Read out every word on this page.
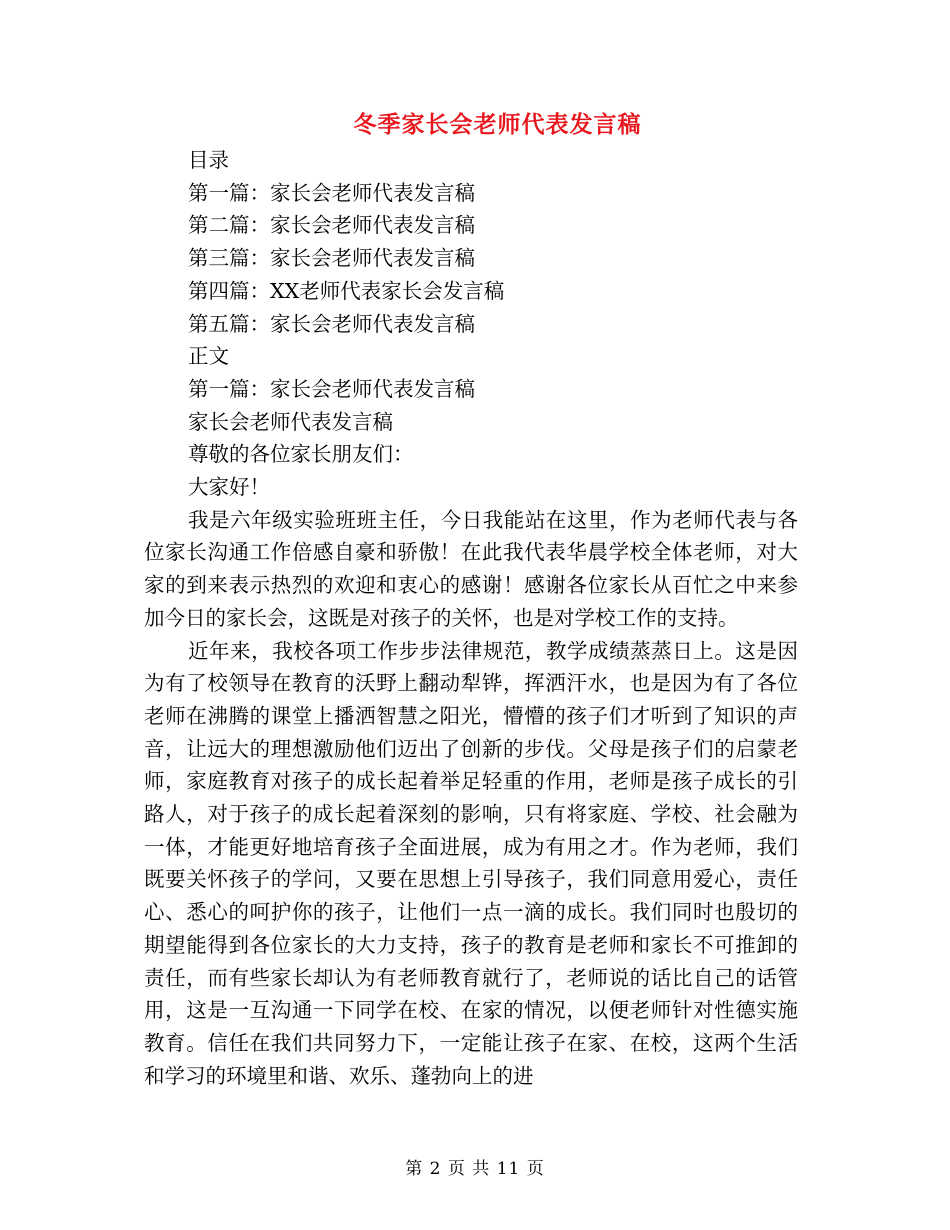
冬季家长会老师代表发言稿
目录
第一篇：家长会老师代表发言稿
第二篇：家长会老师代表发言稿
第三篇：家长会老师代表发言稿
第四篇：XX老师代表家长会发言稿
第五篇：家长会老师代表发言稿
正文
第一篇：家长会老师代表发言稿
家长会老师代表发言稿
尊敬的各位家长朋友们：
大家好！

我是六年级实验班班主任，今日我能站在这里，作为老师代表与各位家长沟通工作倍感自豪和骄傲！在此我代表华晨学校全体老师，对大家的到来表示热烈的欢迎和衷心的感谢！感谢各位家长从百忙之中来参加今日的家长会，这既是对孩子的关怀，也是对学校工作的支持。

近年来，我校各项工作步步法律规范，教学成绩蒸蒸日上。这是因为有了校领导在教育的沃野上翻动犁铧，挥洒汗水，也是因为有了各位老师在沸腾的课堂上播洒智慧之阳光，懵懵的孩子们才听到了知识的声音，让远大的理想激励他们迈出了创新的步伐。父母是孩子们的启蒙老师，家庭教育对孩子的成长起着举足轻重的作用，老师是孩子成长的引路人，对于孩子的成长起着深刻的影响，只有将家庭、学校、社会融为一体，才能更好地培育孩子全面进展，成为有用之才。作为老师，我们既要关怀孩子的学问，又要在思想上引导孩子，我们同意用爱心，责任心、悉心的呵护你的孩子，让他们一点一滴的成长。我们同时也殷切的期望能得到各位家长的大力支持，孩子的教育是老师和家长不可推卸的责任，而有些家长却认为有老师教育就行了，老师说的话比自己的话管用，这是一互沟通一下同学在校、在家的情况，以便老师针对性德实施教育。信任在我们共同努力下，一定能让孩子在家、在校，这两个生活和学习的环境里和谐、欢乐、蓬勃向上的进

第 2 页 共 11 页
